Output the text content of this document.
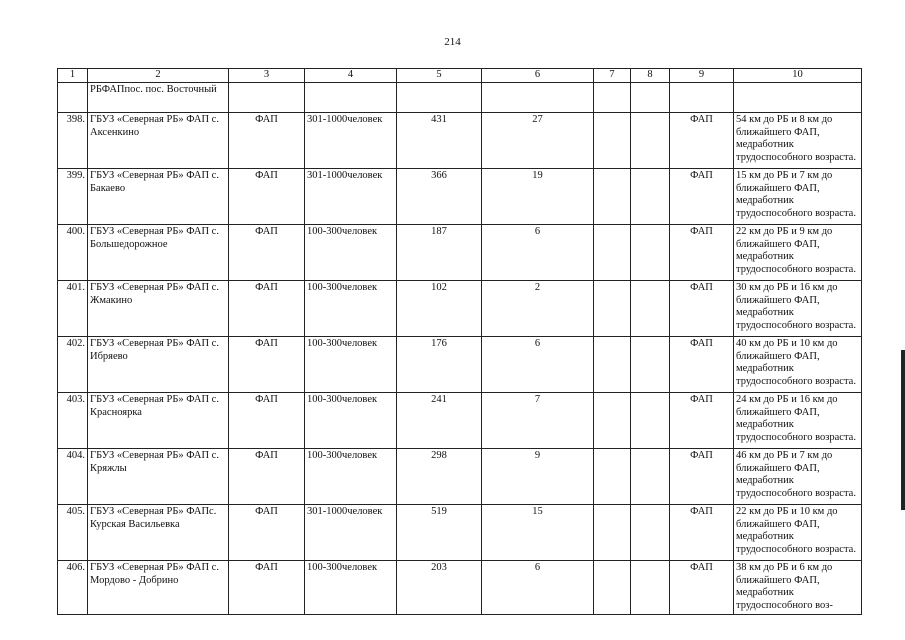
214
1	2	3	4	5	6	7	8	9	10
	РБФАПпос. пос. Восточный								
398.	ГБУЗ «Северная РБ» ФАП с. Аксенкино	ФАП	301-1000человек	431	27			ФАП	54 км до РБ и 8 км до ближайшего ФАП, медработник трудоспособного возраста.
399.	ГБУЗ «Северная РБ» ФАП с. Бакаево	ФАП	301-1000человек	366	19			ФАП	15 км до РБ и 7 км до ближайшего ФАП, медработник трудоспособного возраста.
400.	ГБУЗ «Северная РБ» ФАП с. Большедорожное	ФАП	100-300человек	187	6			ФАП	22 км до РБ и 9 км до ближайшего ФАП, медработник трудоспособного возраста.
401.	ГБУЗ «Северная РБ» ФАП с. Жмакино	ФАП	100-300человек	102	2			ФАП	30 км до РБ и 16 км до ближайшего ФАП, медработник трудоспособного возраста.
402.	ГБУЗ «Северная РБ» ФАП с. Ибряево	ФАП	100-300человек	176	6			ФАП	40 км до РБ и 10 км до ближайшего ФАП, медработник трудоспособного возраста.
403.	ГБУЗ «Северная РБ» ФАП с. Красноярка	ФАП	100-300человек	241	7			ФАП	24 км до РБ и 16 км до ближайшего ФАП, медработник трудоспособного возраста.
404.	ГБУЗ «Северная РБ» ФАП с. Кряжлы	ФАП	100-300человек	298	9			ФАП	46 км до РБ и 7 км до ближайшего ФАП, медработник трудоспособного возраста.
405.	ГБУЗ «Северная РБ» ФАПс. Курская Васильевка	ФАП	301-1000человек	519	15			ФАП	22 км до РБ и 10 км до ближайшего ФАП, медработник трудоспособного возраста.
406.	ГБУЗ «Северная РБ» ФАП с. Мордово - Добрино	ФАП	100-300человек	203	6			ФАП	38 км до РБ и 6 км до ближайшего ФАП, медработник трудоспособного воз-
